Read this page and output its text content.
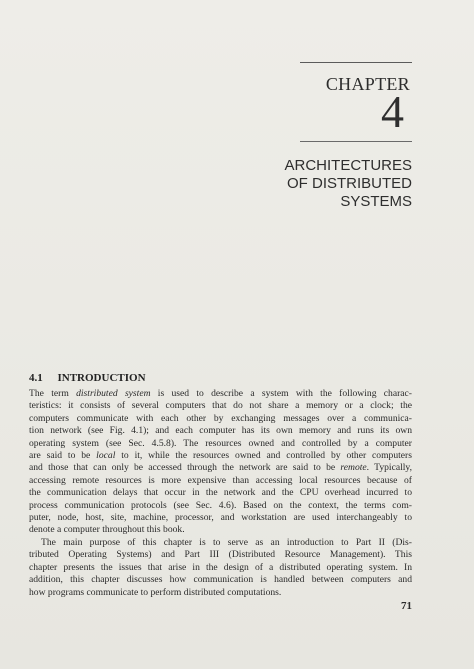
CHAPTER
4
ARCHITECTURES
OF DISTRIBUTED
SYSTEMS
4.1 INTRODUCTION
The term distributed system is used to describe a system with the following charac-
teristics: it consists of several computers that do not share a memory or a clock; the
computers communicate with each other by exchanging messages over a communica-
tion network (see Fig. 4.1); and each computer has its own memory and runs its own
operating system (see Sec. 4.5.8). The resources owned and controlled by a computer
are said to be local to it, while the resources owned and controlled by other computers
and those that can only be accessed through the network are said to be remote. Typically,
accessing remote resources is more expensive than accessing local resources because of
the communication delays that occur in the network and the CPU overhead incurred to
process communication protocols (see Sec. 4.6). Based on the context, the terms com-
puter, node, host, site, machine, processor, and workstation are used interchangeably to
denote a computer throughout this book.
The main purpose of this chapter is to serve as an introduction to Part II (Dis-
tributed Operating Systems) and Part III (Distributed Resource Management). This
chapter presents the issues that arise in the design of a distributed operating system. In
addition, this chapter discusses how communication is handled between computers and
how programs communicate to perform distributed computations.
71
